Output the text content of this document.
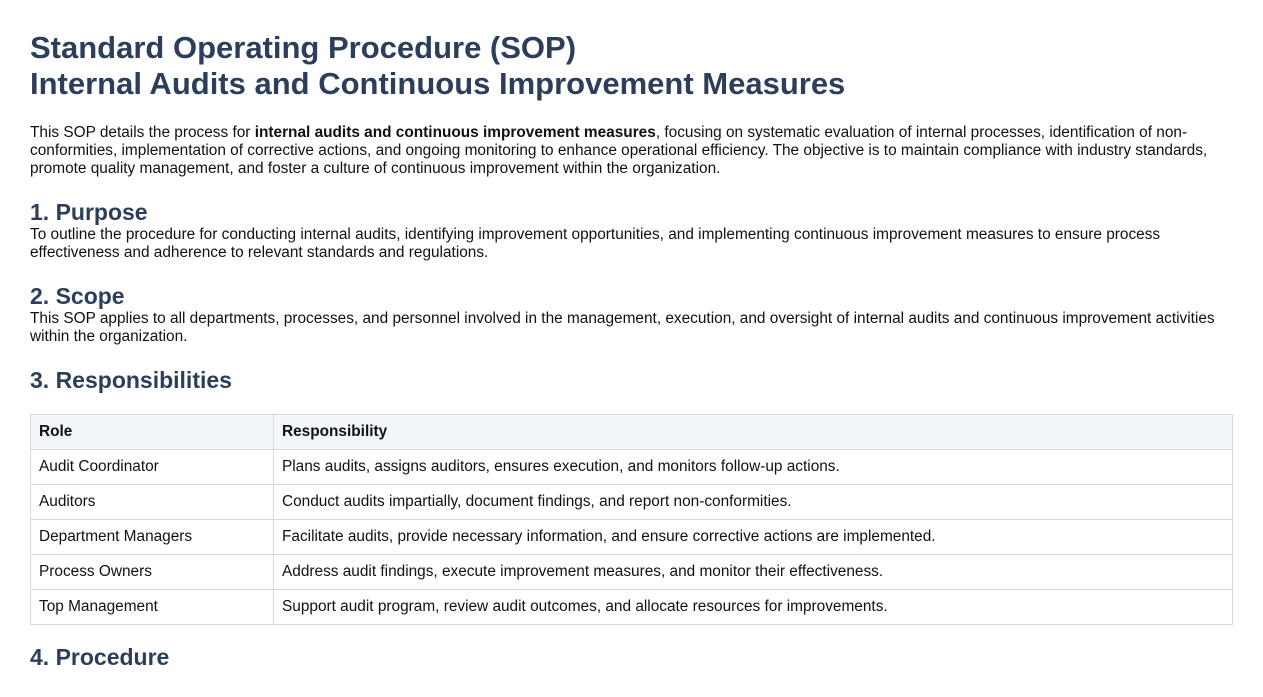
Standard Operating Procedure (SOP)
Internal Audits and Continuous Improvement Measures

This SOP details the process for internal audits and continuous improvement measures, focusing on systematic evaluation of internal processes, identification of non-conformities, implementation of corrective actions, and ongoing monitoring to enhance operational efficiency. The objective is to maintain compliance with industry standards, promote quality management, and foster a culture of continuous improvement within the organization.

1. Purpose

To outline the procedure for conducting internal audits, identifying improvement opportunities, and implementing continuous improvement measures to ensure process effectiveness and adherence to relevant standards and regulations.

2. Scope

This SOP applies to all departments, processes, and personnel involved in the management, execution, and oversight of internal audits and continuous improvement activities within the organization.

3. Responsibilities
Role	Responsibility
Audit Coordinator	Plans audits, assigns auditors, ensures execution, and monitors follow-up actions.
Auditors	Conduct audits impartially, document findings, and report non-conformities.
Department Managers	Facilitate audits, provide necessary information, and ensure corrective actions are implemented.
Process Owners	Address audit findings, execute improvement measures, and monitor their effectiveness.
Top Management	Support audit program, review audit outcomes, and allocate resources for improvements.
4. Procedure
